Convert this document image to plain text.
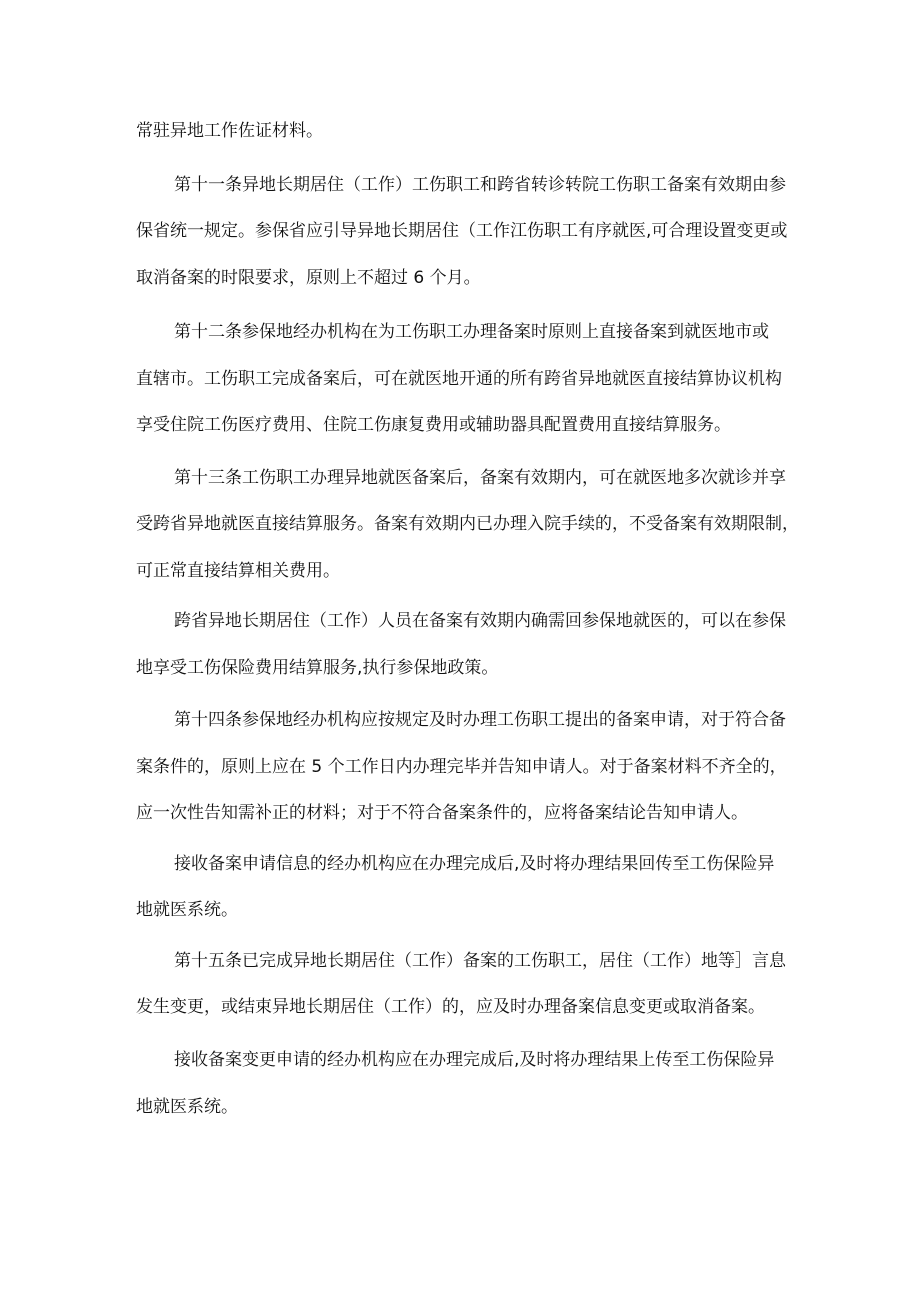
常驻异地工作佐证材料。
第十一条异地长期居住（工作）工伤职工和跨省转诊转院工伤职工备案有效期由参
保省统一规定。参保省应引导异地长期居住（工作江伤职工有序就医,可合理设置变更或
取消备案的时限要求，原则上不超过 6 个月。
第十二条参保地经办机构在为工伤职工办理备案时原则上直接备案到就医地市或
直辖市。工伤职工完成备案后，可在就医地开通的所有跨省异地就医直接结算协议机构
享受住院工伤医疗费用、住院工伤康复费用或辅助器具配置费用直接结算服务。
第十三条工伤职工办理异地就医备案后，备案有效期内，可在就医地多次就诊并享
受跨省异地就医直接结算服务。备案有效期内已办理入院手续的，不受备案有效期限制，
可正常直接结算相关费用。
跨省异地长期居住（工作）人员在备案有效期内确需回参保地就医的，可以在参保
地享受工伤保险费用结算服务,执行参保地政策。
第十四条参保地经办机构应按规定及时办理工伤职工提出的备案申请，对于符合备
案条件的，原则上应在 5 个工作日内办理完毕并告知申请人。对于备案材料不齐全的，
应一次性告知需补正的材料；对于不符合备案条件的，应将备案结论告知申请人。
接收备案申请信息的经办机构应在办理完成后,及时将办理结果回传至工伤保险异
地就医系统。
第十五条已完成异地长期居住（工作）备案的工伤职工，居住（工作）地等］言息
发生变更，或结束异地长期居住（工作）的，应及时办理备案信息变更或取消备案。
接收备案变更申请的经办机构应在办理完成后,及时将办理结果上传至工伤保险异
地就医系统。
